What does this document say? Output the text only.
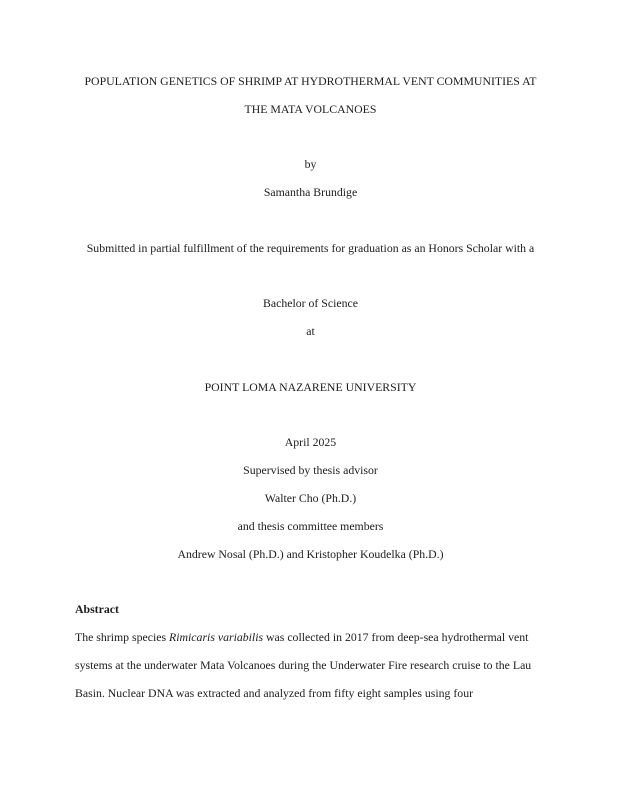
POPULATION GENETICS OF SHRIMP AT HYDROTHERMAL VENT COMMUNITIES AT
THE MATA VOLCANOES
by
Samantha Brundige
Submitted in partial fulfillment of the requirements for graduation as an Honors Scholar with a
Bachelor of Science
at
POINT LOMA NAZARENE UNIVERSITY
April 2025
Supervised by thesis advisor
Walter Cho (Ph.D.)
and thesis committee members
Andrew Nosal (Ph.D.) and Kristopher Koudelka (Ph.D.)
Abstract
The shrimp species Rimicaris variabilis was collected in 2017 from deep-sea hydrothermal vent
systems at the underwater Mata Volcanoes during the Underwater Fire research cruise to the Lau
Basin. Nuclear DNA was extracted and analyzed from fifty eight samples using four
